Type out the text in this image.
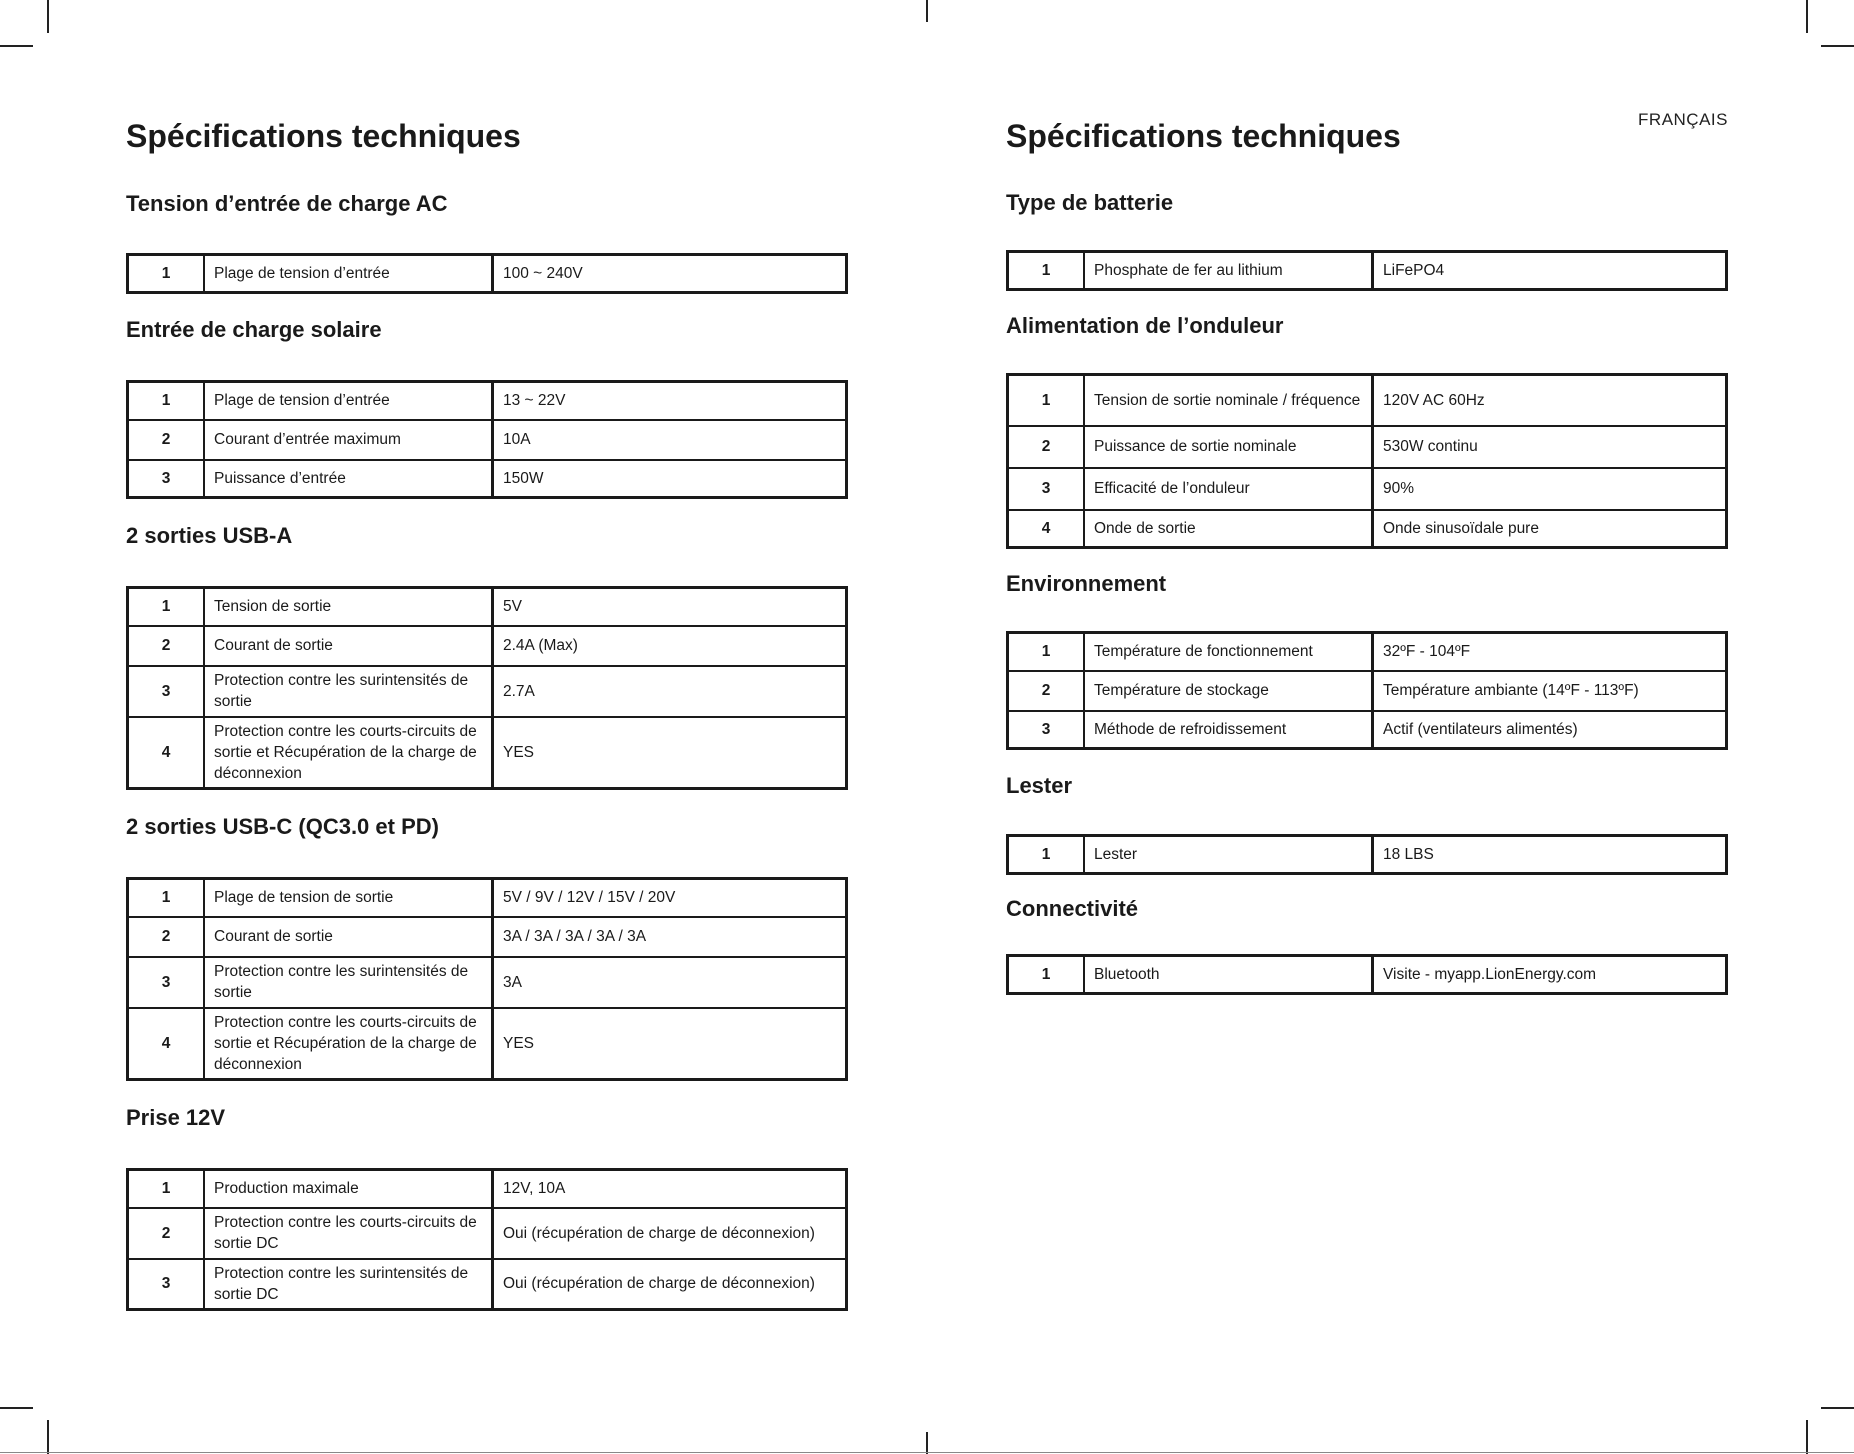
Spécifications techniques
Tension d’entrée de charge AC
1	Plage de tension d’entrée	100 ~ 240V
Entrée de charge solaire
1	Plage de tension d’entrée	13 ~ 22V
2	Courant d’entrée maximum	10A
3	Puissance d’entrée	150W
2 sorties USB-A
1	Tension de sortie	5V
2	Courant de sortie	2.4A (Max)
3	Protection contre les surintensités de sortie	2.7A
4	Protection contre les courts-circuits de sortie et Récupération de la charge de déconnexion	YES
2 sorties USB-C (QC3.0 et PD)
1	Plage de tension de sortie	5V / 9V / 12V / 15V / 20V
2	Courant de sortie	3A / 3A / 3A / 3A / 3A
3	Protection contre les surintensités de sortie	3A
4	Protection contre les courts-circuits de sortie et Récupération de la charge de déconnexion	YES
Prise 12V
1	Production maximale	12V, 10A
2	Protection contre les courts-circuits de sortie DC	Oui (récupération de charge de déconnexion)
3	Protection contre les surintensités de sortie DC	Oui (récupération de charge de déconnexion)
FRANÇAIS
Spécifications techniques
Type de batterie
1	Phosphate de fer au lithium	LiFePO4
Alimentation de l’onduleur
1	Tension de sortie nominale / fréquence	120V AC 60Hz
2	Puissance de sortie nominale	530W continu
3	Efficacité de l’onduleur	90%
4	Onde de sortie	Onde sinusoïdale pure
Environnement
1	Température de fonctionnement	32ºF - 104ºF
2	Température de stockage	Température ambiante (14ºF - 113ºF)
3	Méthode de refroidissement	Actif (ventilateurs alimentés)
Lester
1	Lester	18 LBS
Connectivité
1	Bluetooth	Visite - myapp.LionEnergy.com
